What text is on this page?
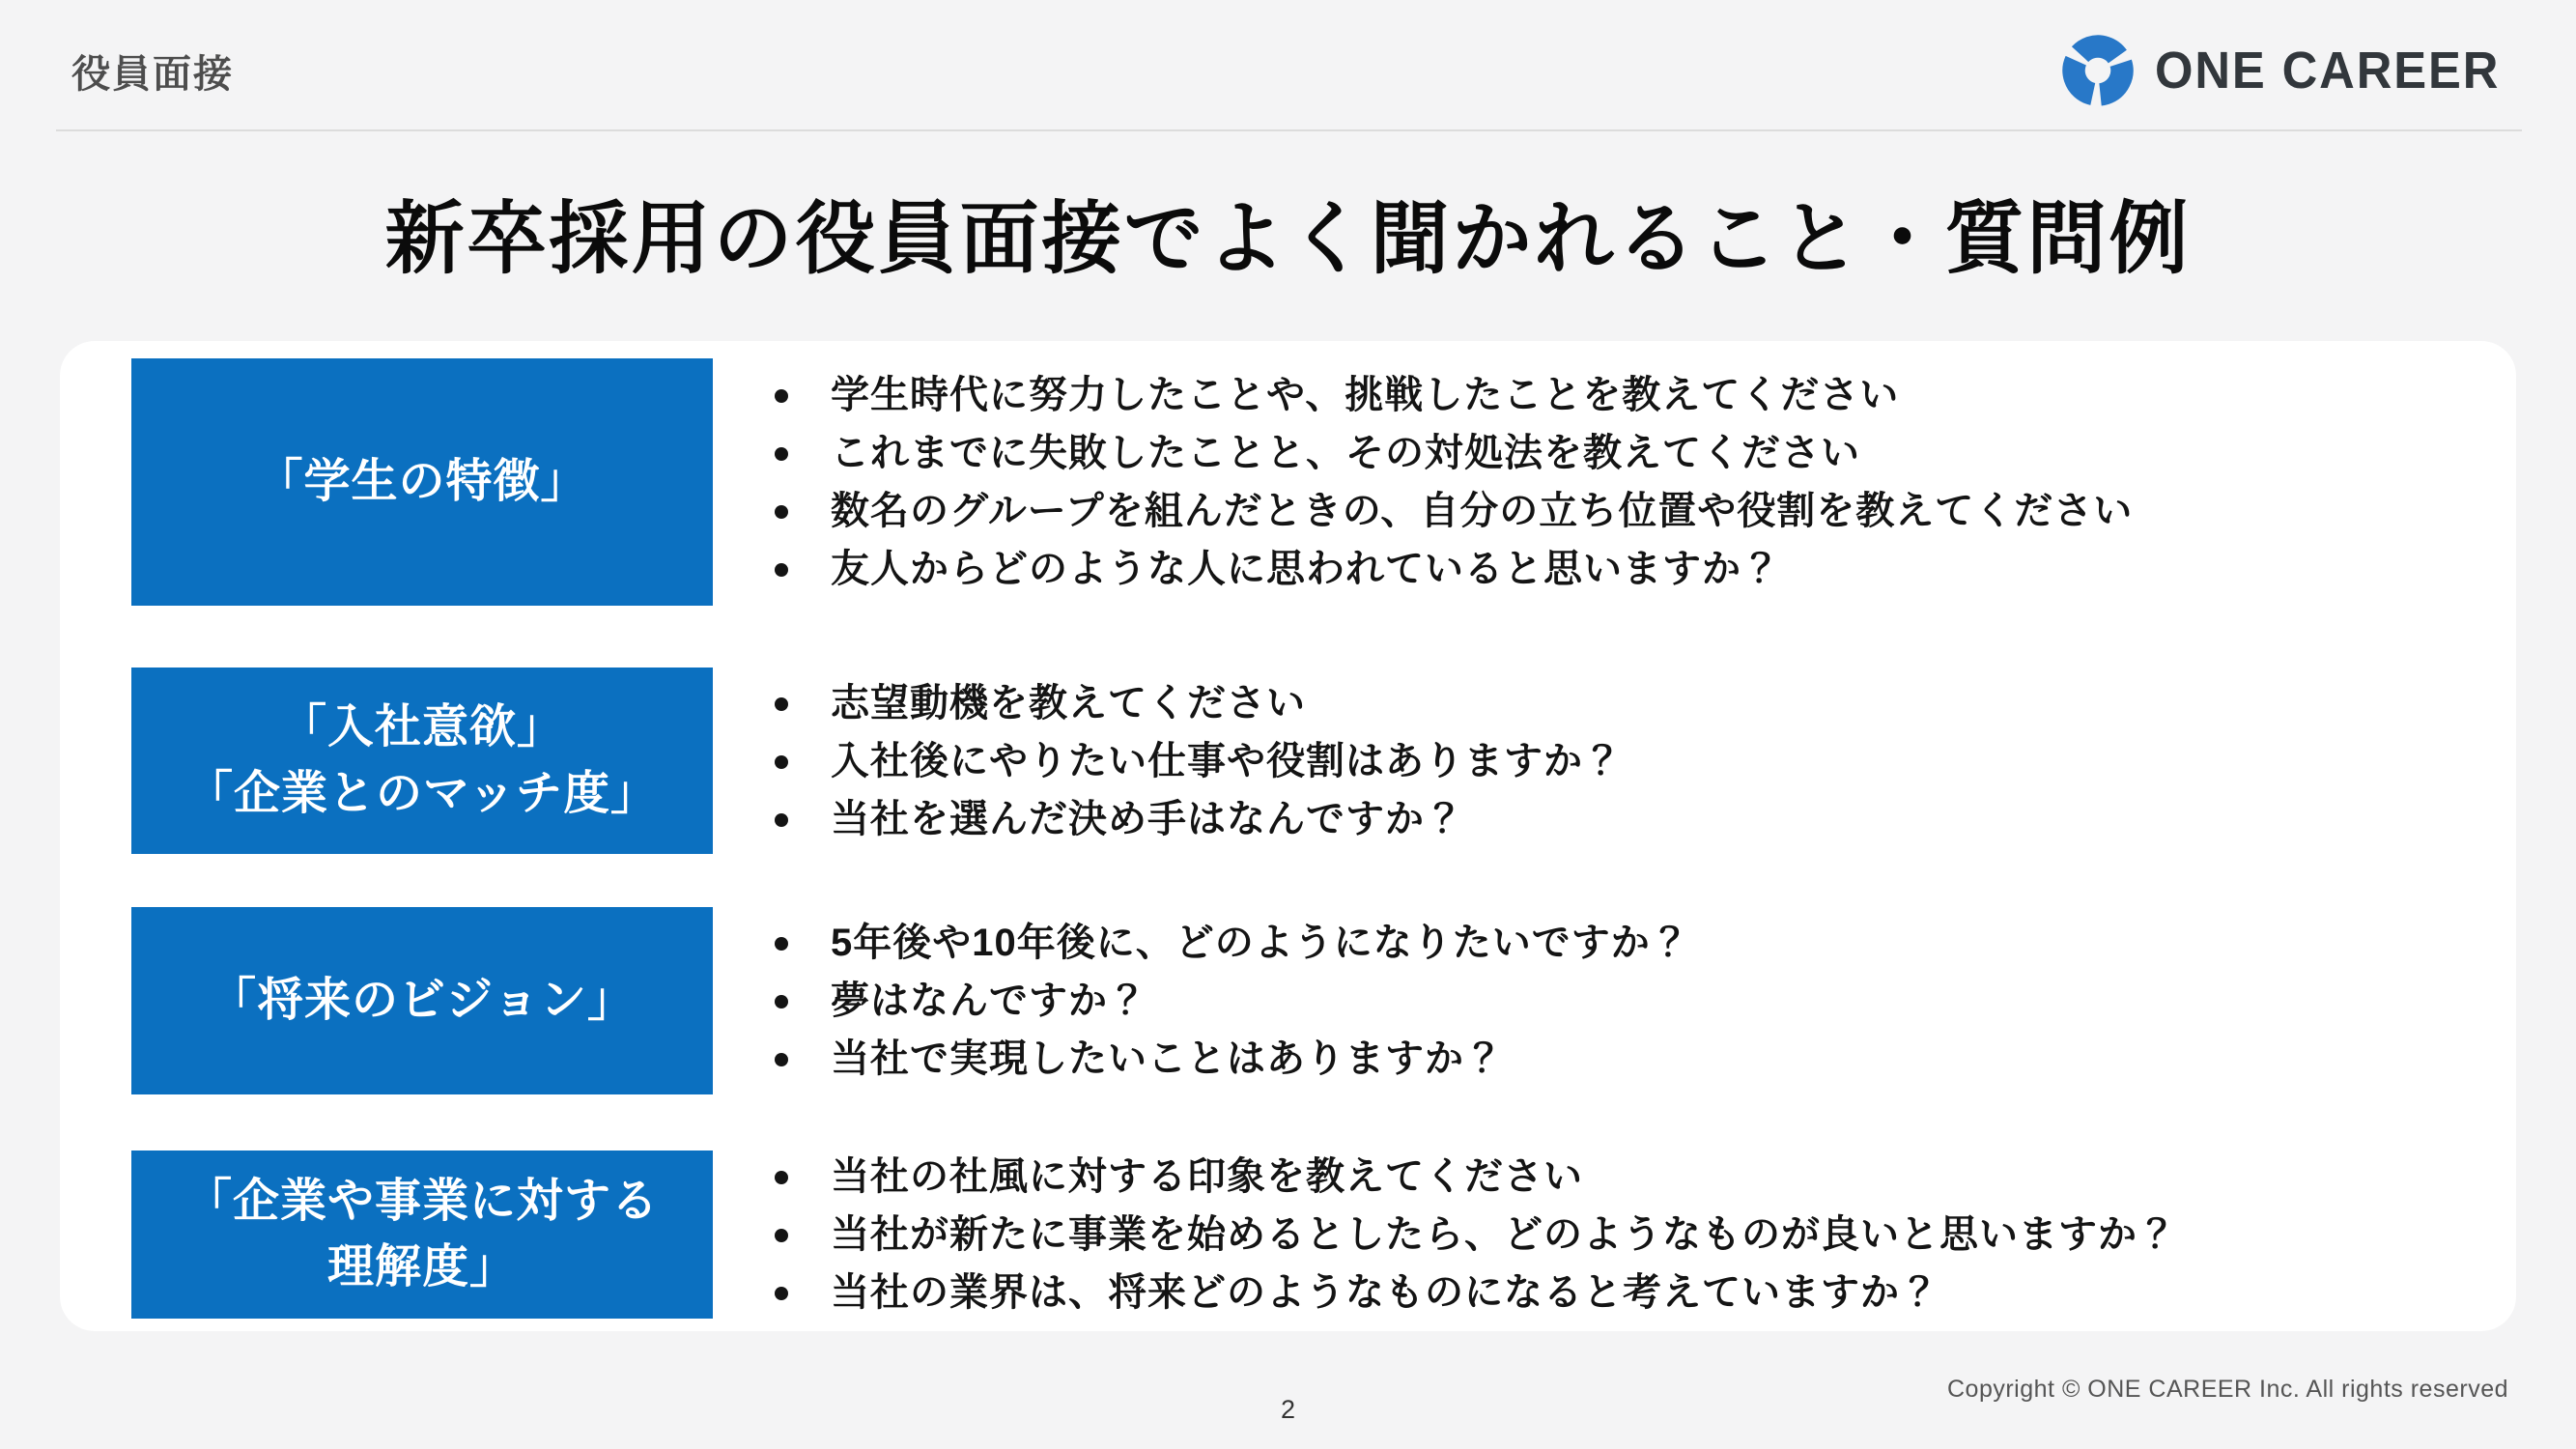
役員面接	ONE CAREER
新卒採用の役員面接でよく聞かれること・質問例
「学生の特徴」
学生時代に努力したことや、挑戦したことを教えてください
これまでに失敗したことと、その対処法を教えてください
数名のグループを組んだときの、自分の立ち位置や役割を教えてください
友人からどのような人に思われていると思いますか？
「入社意欲」
「企業とのマッチ度」
志望動機を教えてください
入社後にやりたい仕事や役割はありますか？
当社を選んだ決め手はなんですか？
「将来のビジョン」
5年後や10年後に、どのようになりたいですか？
夢はなんですか？
当社で実現したいことはありますか？
「企業や事業に対する
理解度」
当社の社風に対する印象を教えてください
当社が新たに事業を始めるとしたら、どのようなものが良いと思いますか？
当社の業界は、将来どのようなものになると考えていますか？
Copyright © ONE CAREER Inc. All rights reserved
2
